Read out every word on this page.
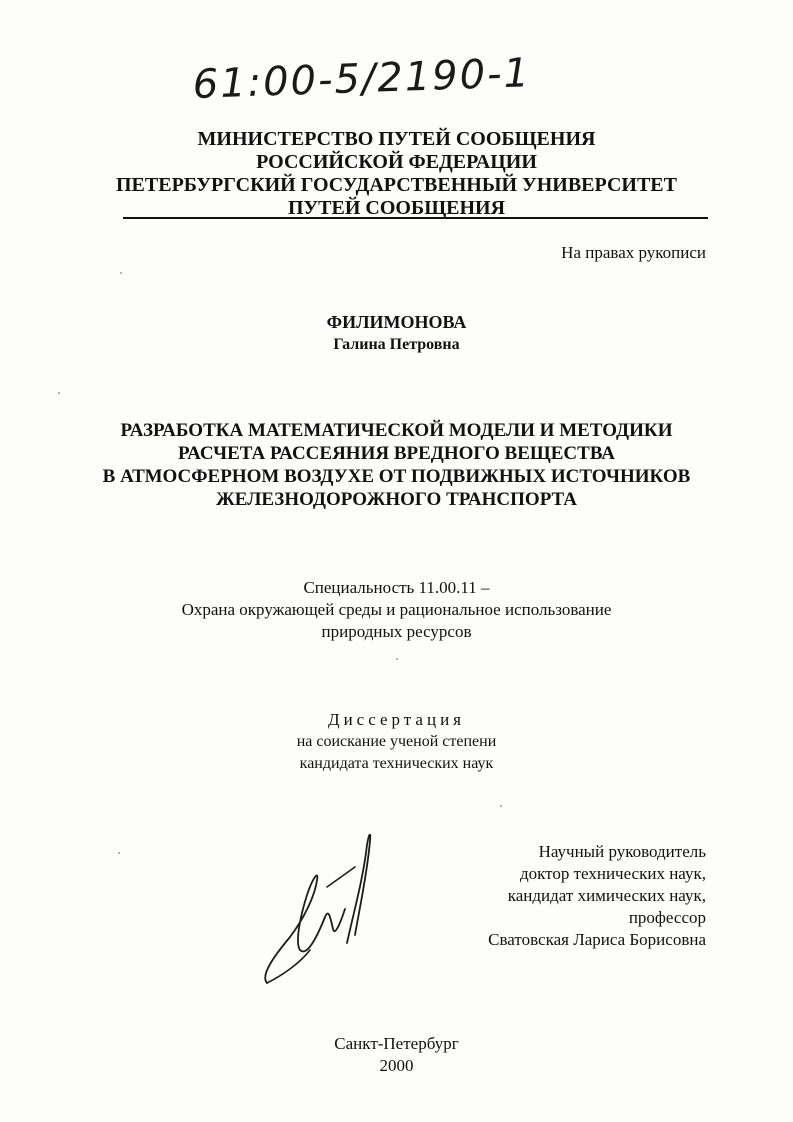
61:00-5/2190-1
МИНИСТЕРСТВО ПУТЕЙ СООБЩЕНИЯ
РОССИЙСКОЙ ФЕДЕРАЦИИ
ПЕТЕРБУРГСКИЙ ГОСУДАРСТВЕННЫЙ УНИВЕРСИТЕТ
ПУТЕЙ СООБЩЕНИЯ
На правах рукописи
ФИЛИМОНОВА
Галина Петровна
РАЗРАБОТКА МАТЕМАТИЧЕСКОЙ МОДЕЛИ И МЕТОДИКИ
РАСЧЕТА РАССЕЯНИЯ ВРЕДНОГО ВЕЩЕСТВА
В АТМОСФЕРНОМ ВОЗДУХЕ ОТ ПОДВИЖНЫХ ИСТОЧНИКОВ
ЖЕЛЕЗНОДОРОЖНОГО ТРАНСПОРТА
Специальность 11.00.11 –
Охрана окружающей среды и рациональное использование
природных ресурсов
Диссертация
на соискание ученой степени
кандидата технических наук
Научный руководитель
доктор технических наук,
кандидат химических наук,
профессор
Сватовская Лариса Борисовна
Санкт-Петербург
2000
